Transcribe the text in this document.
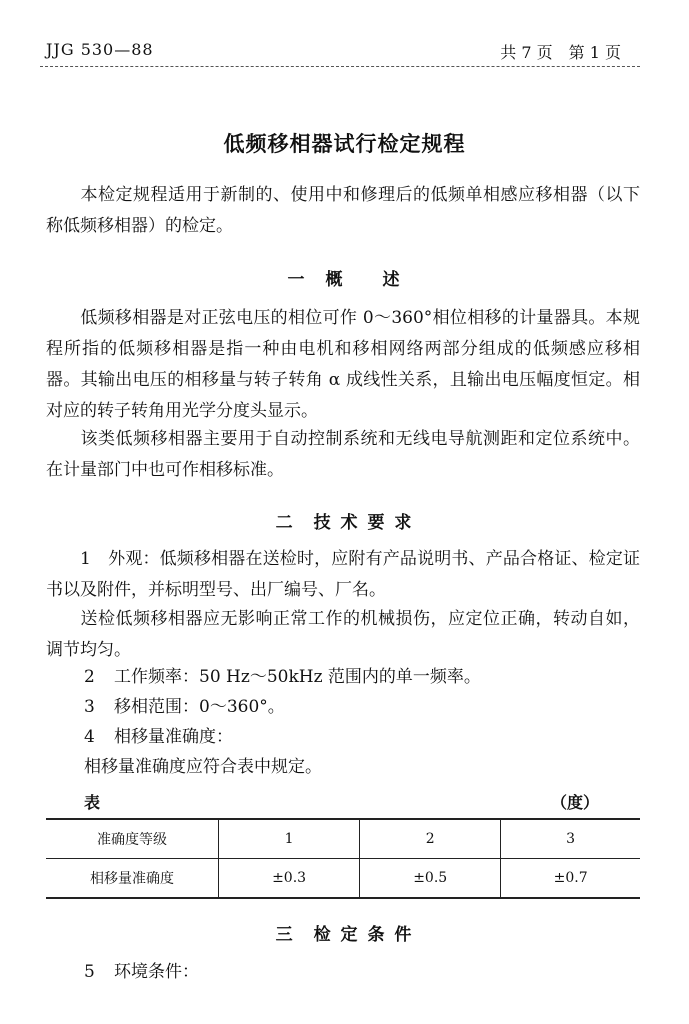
JJG 530—88	共 7 页　第 1 页
低频移相器试行检定规程
本检定规程适用于新制的、使用中和修理后的低频单相感应移相器（以下称低频移相器）的检定。
一　概　　述
低频移相器是对正弦电压的相位可作 0～360°相位相移的计量器具。本规程所指的低频移相器是指一种由电机和移相网络两部分组成的低频感应移相器。其输出电压的相移量与转子转角 α 成线性关系，且输出电压幅度恒定。相对应的转子转角用光学分度头显示。
该类低频移相器主要用于自动控制系统和无线电导航测距和定位系统中。在计量部门中也可作相移标准。
二　技 术 要 求
1　 外观：低频移相器在送检时，应附有产品说明书、产品合格证、检定证书以及附件，并标明型号、出厂编号、厂名。
送检低频移相器应无影响正常工作的机械损伤，应定位正确，转动自如，调节均匀。
2 工作频率：50 Hz～50kHz 范围内的单一频率。
3 移相范围：0～360°。
4 相移量准确度：
相移量准确度应符合表中规定。
表	（度）
准确度等级	1	2	3
相移量准确度	±0.3	±0.5	±0.7
三　检 定 条 件
5 环境条件：
